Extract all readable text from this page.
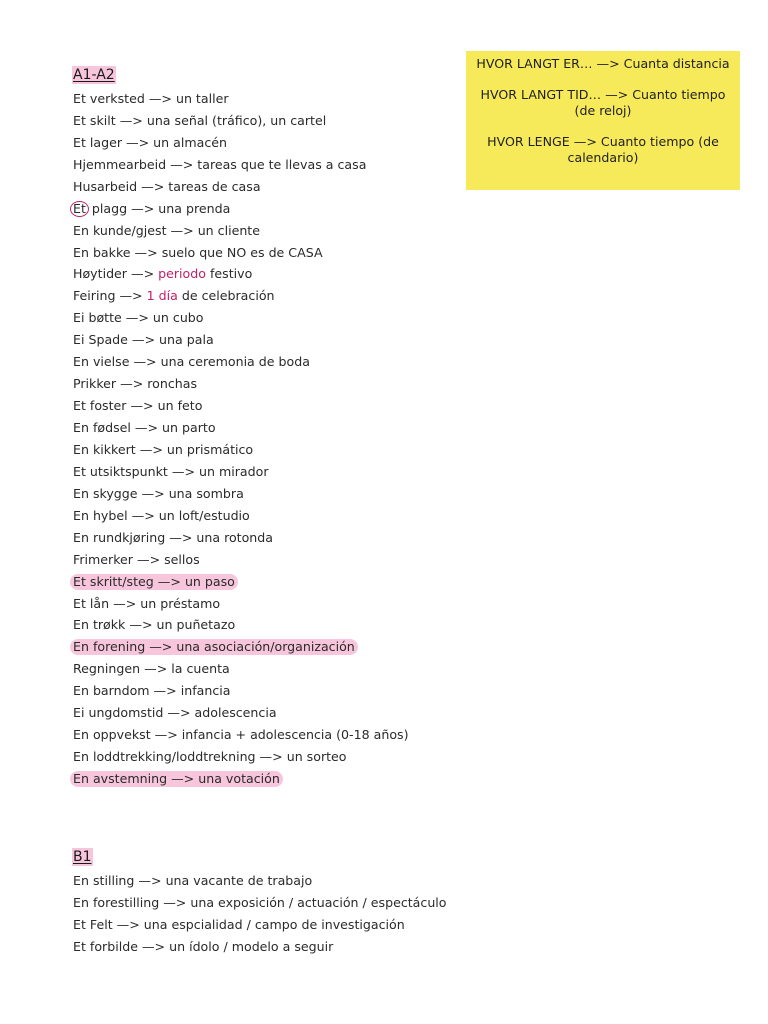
A1-A2
Et verksted —> un taller
Et skilt —> una señal (tráfico), un cartel
Et lager —> un almacén
Hjemmearbeid —> tareas que te llevas a casa
Husarbeid —> tareas de casa
Et plagg —> una prenda
En kunde/gjest —> un cliente
En bakke —> suelo que NO es de CASA
Høytider —> periodo festivo
Feiring —> 1 día de celebración
Ei bøtte —> un cubo
Ei Spade —> una pala
En vielse —> una ceremonia de boda
Prikker —> ronchas
Et foster —> un feto
En fødsel —> un parto
En kikkert —> un prismático
Et utsiktspunkt —> un mirador
En skygge —> una sombra
En hybel —> un loft/estudio
En rundkjøring —> una rotonda
Frimerker —> sellos
Et skritt/steg —> un paso
Et lån —> un préstamo
En trøkk —> un puñetazo
En forening —> una asociación/organización
Regningen —> la cuenta
En barndom —> infancia
Ei ungdomstid —> adolescencia
En oppvekst —> infancia + adolescencia (0-18 años)
En loddtrekking/loddtrekning —> un sorteo
En avstemning —> una votación
B1
En stilling —> una vacante de trabajo
En forestilling —> una exposición / actuación / espectáculo
Et Felt —> una espcialidad / campo de investigación
Et forbilde —> un ídolo / modelo a seguir

HVOR LANGT ER… —> Cuanta distancia

HVOR LANGT TID… —> Cuanto tiempo (de reloj)

HVOR LENGE —> Cuanto tiempo (de calendario)
